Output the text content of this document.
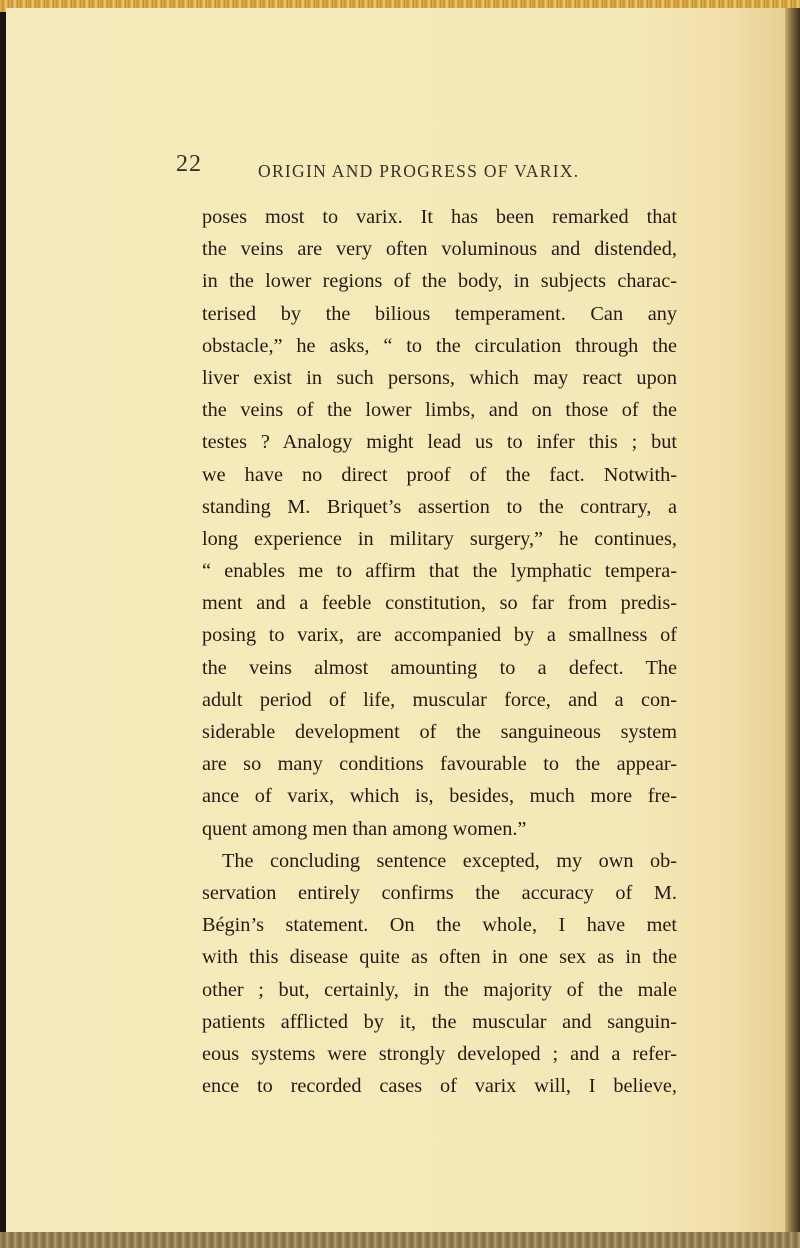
22	ORIGIN AND PROGRESS OF VARIX.
poses most to varix. It has been remarked that
the veins are very often voluminous and distended,
in the lower regions of the body, in subjects charac-
terised by the bilious temperament. Can any
obstacle,” he asks, “ to the circulation through the
liver exist in such persons, which may react upon
the veins of the lower limbs, and on those of the
testes ? Analogy might lead us to infer this ; but
we have no direct proof of the fact. Notwith-
standing M. Briquet’s assertion to the contrary, a
long experience in military surgery,” he continues,
“ enables me to affirm that the lymphatic tempera-
ment and a feeble constitution, so far from predis-
posing to varix, are accompanied by a smallness of
the veins almost amounting to a defect. The
adult period of life, muscular force, and a con-
siderable development of the sanguineous system
are so many conditions favourable to the appear-
ance of varix, which is, besides, much more fre-
quent among men than among women.”
The concluding sentence excepted, my own ob-
servation entirely confirms the accuracy of M.
Bégin’s statement. On the whole, I have met
with this disease quite as often in one sex as in the
other ; but, certainly, in the majority of the male
patients afflicted by it, the muscular and sanguin-
eous systems were strongly developed ; and a refer-
ence to recorded cases of varix will, I believe,
